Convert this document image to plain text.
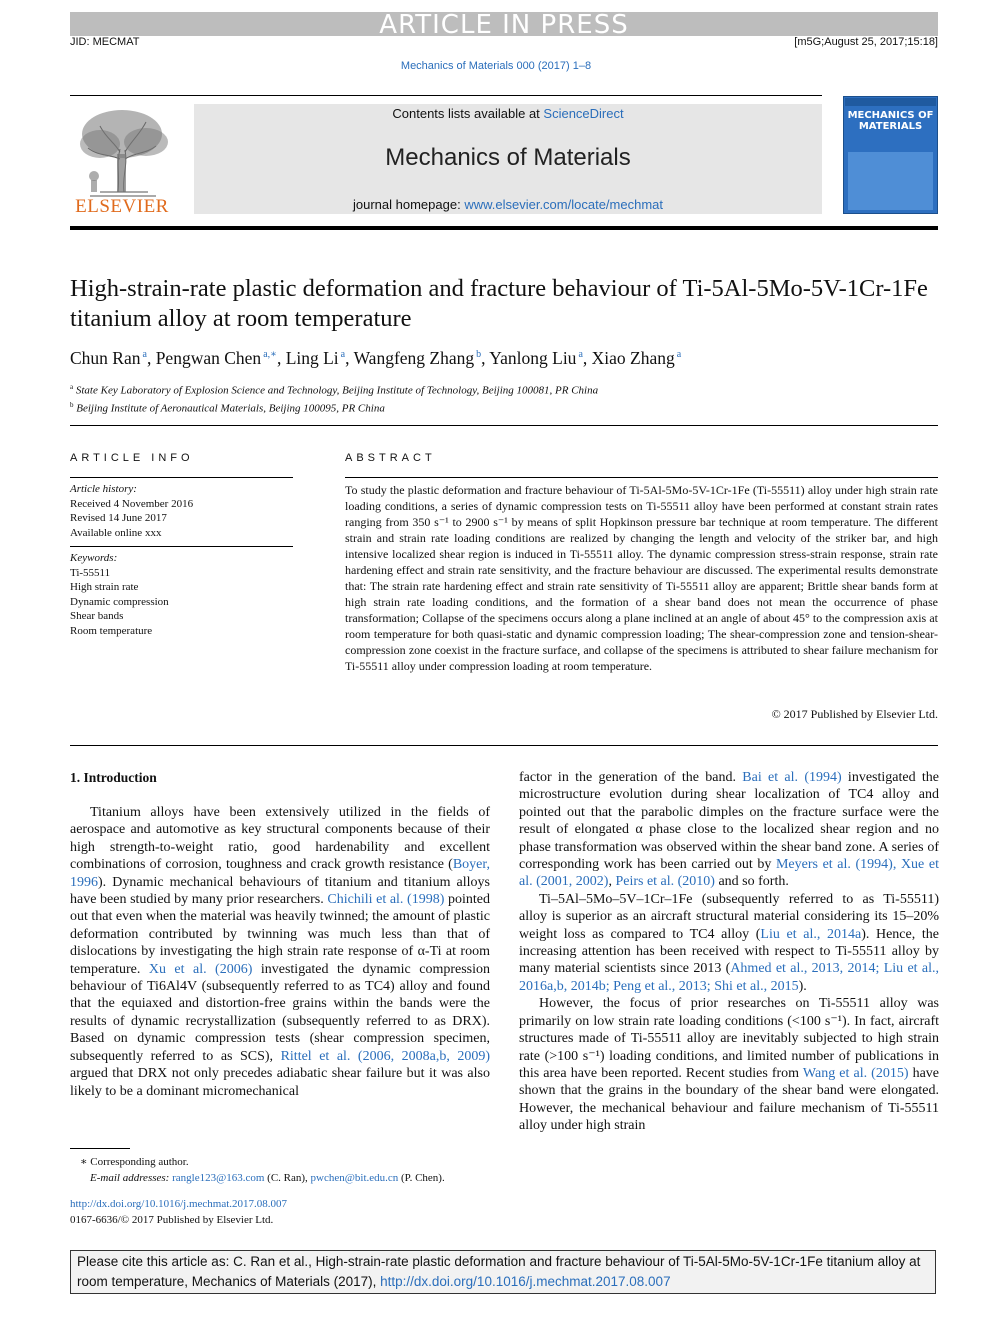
ARTICLE IN PRESS
JID: MECMAT	[m5G;August 25, 2017;15:18]
Mechanics of Materials 000 (2017) 1–8
ELSEVIER
Contents lists available at ScienceDirect
Mechanics of Materials
journal homepage: www.elsevier.com/locate/mechmat
MECHANICS OF MATERIALS
High-strain-rate plastic deformation and fracture behaviour of Ti-5Al-5Mo-5V-1Cr-1Fe titanium alloy at room temperature
Chun Ran $^a$, Pengwan Chen $^{a,∗}$, Ling Li $^a$, Wangfeng Zhang $^b$, Yanlong Liu $^a$, Xiao Zhang $^a$
$^a$ State Key Laboratory of Explosion Science and Technology, Beijing Institute of Technology, Beijing 100081, PR China
$^b$ Beijing Institute of Aeronautical Materials, Beijing 100095, PR China
ARTICLE INFO
Article history:
Received 4 November 2016
Revised 14 June 2017
Available online xxx
Keywords:
Ti-55511
High strain rate
Dynamic compression
Shear bands
Room temperature
ABSTRACT
To study the plastic deformation and fracture behaviour of Ti-5Al-5Mo-5V-1Cr-1Fe (Ti-55511) alloy under high strain rate loading conditions, a series of dynamic compression tests on Ti-55511 alloy have been performed at constant strain rates ranging from 350 s⁻¹ to 2900 s⁻¹ by means of split Hopkinson pressure bar technique at room temperature. The different strain and strain rate loading conditions are realized by changing the length and velocity of the striker bar, and high intensive localized shear region is induced in Ti-55511 alloy. The dynamic compression stress-strain response, strain rate hardening effect and strain rate sensitivity, and the fracture behaviour are discussed. The experimental results demonstrate that: The strain rate hardening effect and strain rate sensitivity of Ti-55511 alloy are apparent; Brittle shear bands form at high strain rate loading conditions, and the formation of a shear band does not mean the occurrence of phase transformation; Collapse of the specimens occurs along a plane inclined at an angle of about 45° to the compression axis at room temperature for both quasi-static and dynamic compression loading; The shear-compression zone and tension-shear-compression zone coexist in the fracture surface, and collapse of the specimens is attributed to shear failure mechanism for Ti-55511 alloy under compression loading at room temperature.
© 2017 Published by Elsevier Ltd.
1. Introduction

Titanium alloys have been extensively utilized in the fields of aerospace and automotive as key structural components because of their high strength-to-weight ratio, good hardenability and excellent combinations of corrosion, toughness and crack growth resistance (Boyer, 1996). Dynamic mechanical behaviours of titanium and titanium alloys have been studied by many prior researchers. Chichili et al. (1998) pointed out that even when the material was heavily twinned; the amount of plastic deformation contributed by twinning was much less than that of dislocations by investigating the high strain rate response of α-Ti at room temperature. Xu et al. (2006) investigated the dynamic compression behaviour of Ti6Al4V (subsequently referred to as TC4) alloy and found that the equiaxed and distortion-free grains within the bands were the results of dynamic recrystallization (subsequently referred to as DRX). Based on dynamic compression tests (shear compression specimen, subsequently referred to as SCS), Rittel et al. (2006, 2008a,b, 2009) argued that DRX not only precedes adiabatic shear failure but it was also likely to be a dominant micromechanical

factor in the generation of the band. Bai et al. (1994) investigated the microstructure evolution during shear localization of TC4 alloy and pointed out that the parabolic dimples on the fracture surface were the result of elongated α phase close to the localized shear region and no phase transformation was observed within the shear band zone. A series of corresponding work has been carried out by Meyers et al. (1994), Xue et al. (2001, 2002), Peirs et al. (2010) and so forth.

Ti–5Al–5Mo–5V–1Cr–1Fe (subsequently referred to as Ti-55511) alloy is superior as an aircraft structural material considering its 15–20% weight loss as compared to TC4 alloy (Liu et al., 2014a). Hence, the increasing attention has been received with respect to Ti-55511 alloy by many material scientists since 2013 (Ahmed et al., 2013, 2014; Liu et al., 2016a,b, 2014b; Peng et al., 2013; Shi et al., 2015).

However, the focus of prior researches on Ti-55511 alloy was primarily on low strain rate loading conditions (<100 s⁻¹). In fact, aircraft structures made of Ti-55511 alloy are inevitably subjected to high strain rate (>100 s⁻¹) loading conditions, and limited number of publications in this area have been reported. Recent studies from Wang et al. (2015) have shown that the grains in the boundary of the shear band were elongated. However, the mechanical behaviour and failure mechanism of Ti-55511 alloy under high strain

∗ Corresponding author.
E-mail addresses: rangle123@163.com (C. Ran), pwchen@bit.edu.cn (P. Chen).
http://dx.doi.org/10.1016/j.mechmat.2017.08.007
0167-6636/© 2017 Published by Elsevier Ltd.
Please cite this article as: C. Ran et al., High-strain-rate plastic deformation and fracture behaviour of Ti-5Al-5Mo-5V-1Cr-1Fe titanium alloy at room temperature, Mechanics of Materials (2017), http://dx.doi.org/10.1016/j.mechmat.2017.08.007
